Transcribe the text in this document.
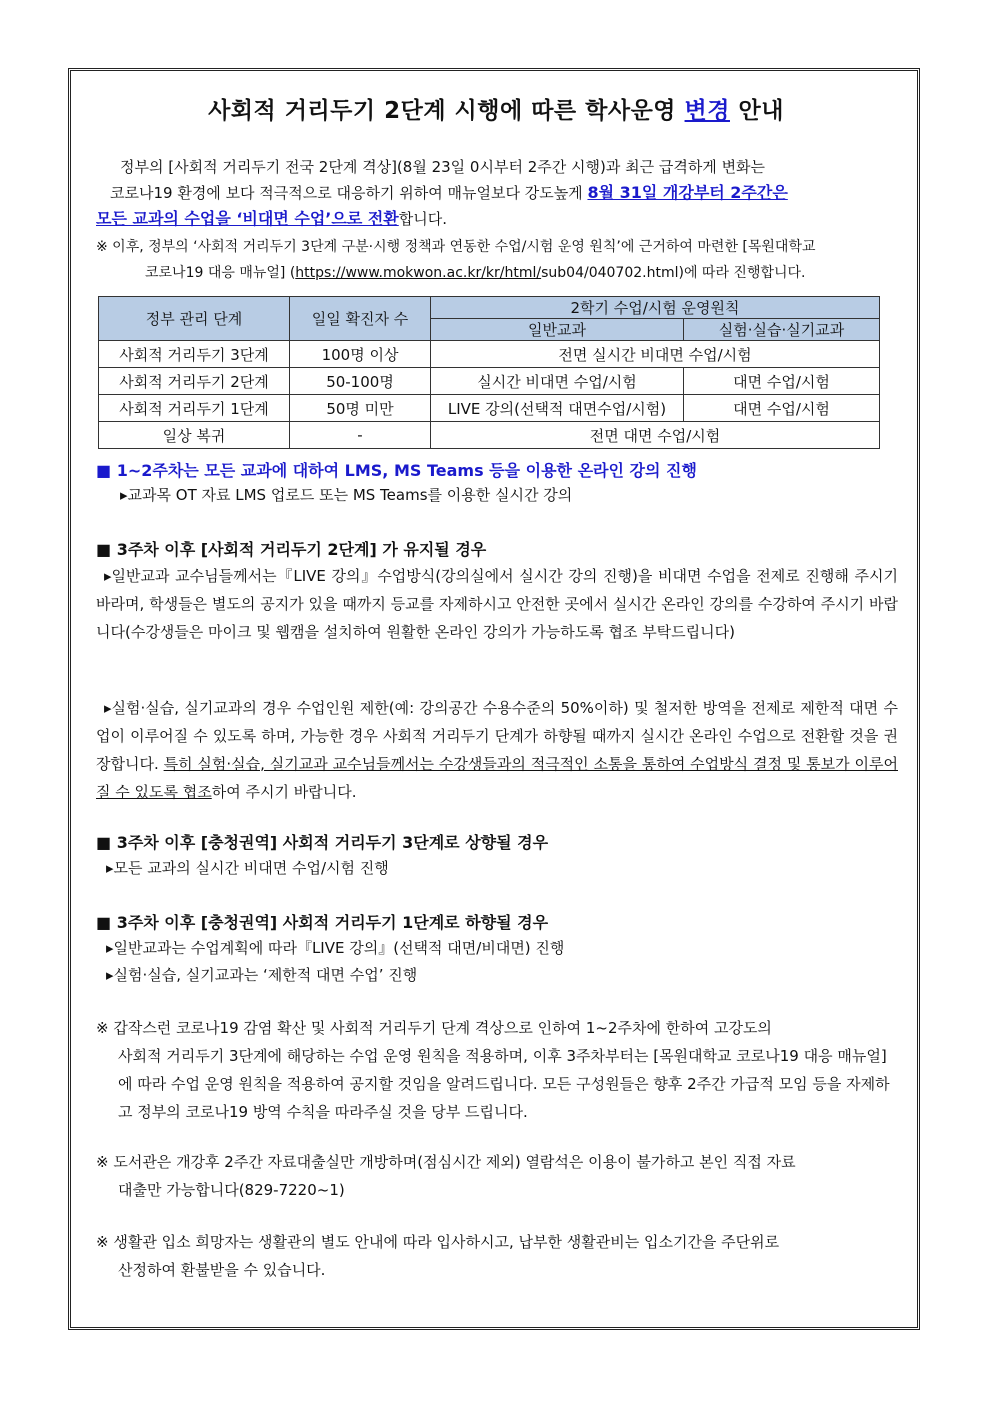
사회적 거리두기 2단계 시행에 따른 학사운영 변경 안내
정부의 [사회적 거리두기 전국 2단계 격상](8월 23일 0시부터 2주간 시행)과 최근 급격하게 변화는
코로나19 환경에 보다 적극적으로 대응하기 위하여 매뉴얼보다 강도높게 8월 31일 개강부터 2주간은
모든 교과의 수업을 ‘비대면 수업’으로 전환합니다.
※ 이후, 정부의 ‘사회적 거리두기 3단계 구분·시행 정책과 연동한 수업/시험 운영 원칙’에 근거하여 마련한 [목원대학교
코로나19 대응 매뉴얼] (https://www.mokwon.ac.kr/kr/html/sub04/040702.html)에 따라 진행합니다.
정부 관리 단계	일일 확진자 수	2학기 수업/시험 운영원칙	
		일반교과	실험·실습·실기교과
사회적 거리두기 3단계	100명 이상	전면 실시간 비대면 수업/시험	
사회적 거리두기 2단계	50-100명	실시간 비대면 수업/시험	대면 수업/시험
사회적 거리두기 1단계	50명 미만	LIVE 강의(선택적 대면수업/시험)	대면 수업/시험
일상 복귀	-	전면 대면 수업/시험	
■ 1~2주차는 모든 교과에 대하여 LMS, MS Teams 등을 이용한 온라인 강의 진행
▸교과목 OT 자료 LMS 업로드 또는 MS Teams를 이용한 실시간 강의
■ 3주차 이후 [사회적 거리두기 2단계] 가 유지될 경우
▸일반교과 교수님들께서는『LIVE 강의』수업방식(강의실에서 실시간 강의 진행)을 비대면 수업을 전제로 진행해 주시기 바라며, 학생들은 별도의 공지가 있을 때까지 등교를 자제하시고 안전한 곳에서 실시간 온라인 강의를 수강하여 주시기 바랍니다(수강생들은 마이크 및 웹캠을 설치하여 원활한 온라인 강의가 가능하도록 협조 부탁드립니다)
▸실험·실습, 실기교과의 경우 수업인원 제한(예: 강의공간 수용수준의 50%이하) 및 철저한 방역을 전제로 제한적 대면 수업이 이루어질 수 있도록 하며, 가능한 경우 사회적 거리두기 단계가 하향될 때까지 실시간 온라인 수업으로 전환할 것을 권장합니다. 특히 실험·실습, 실기교과 교수님들께서는 수강생들과의 적극적인 소통을 통하여 수업방식 결정 및 통보가 이루어질 수 있도록 협조하여 주시기 바랍니다.
■ 3주차 이후 [충청권역] 사회적 거리두기 3단계로 상향될 경우
▸모든 교과의 실시간 비대면 수업/시험 진행
■ 3주차 이후 [충청권역] 사회적 거리두기 1단계로 하향될 경우
▸일반교과는 수업계획에 따라『LIVE 강의』(선택적 대면/비대면) 진행
▸실험·실습, 실기교과는 ‘제한적 대면 수업’ 진행
※ 갑작스런 코로나19 감염 확산 및 사회적 거리두기 단계 격상으로 인하여 1~2주차에 한하여 고강도의
사회적 거리두기 3단계에 해당하는 수업 운영 원칙을 적용하며, 이후 3주차부터는 [목원대학교 코로나19 대응 매뉴얼]에 따라 수업 운영 원칙을 적용하여 공지할 것임을 알려드립니다. 모든 구성원들은 향후 2주간 가급적 모임 등을 자제하고 정부의 코로나19 방역 수칙을 따라주실 것을 당부 드립니다.
※ 도서관은 개강후 2주간 자료대출실만 개방하며(점심시간 제외) 열람석은 이용이 불가하고 본인 직접 자료
대출만 가능합니다(829-7220~1)
※ 생활관 입소 희망자는 생활관의 별도 안내에 따라 입사하시고, 납부한 생활관비는 입소기간을 주단위로
산정하여 환불받을 수 있습니다.
